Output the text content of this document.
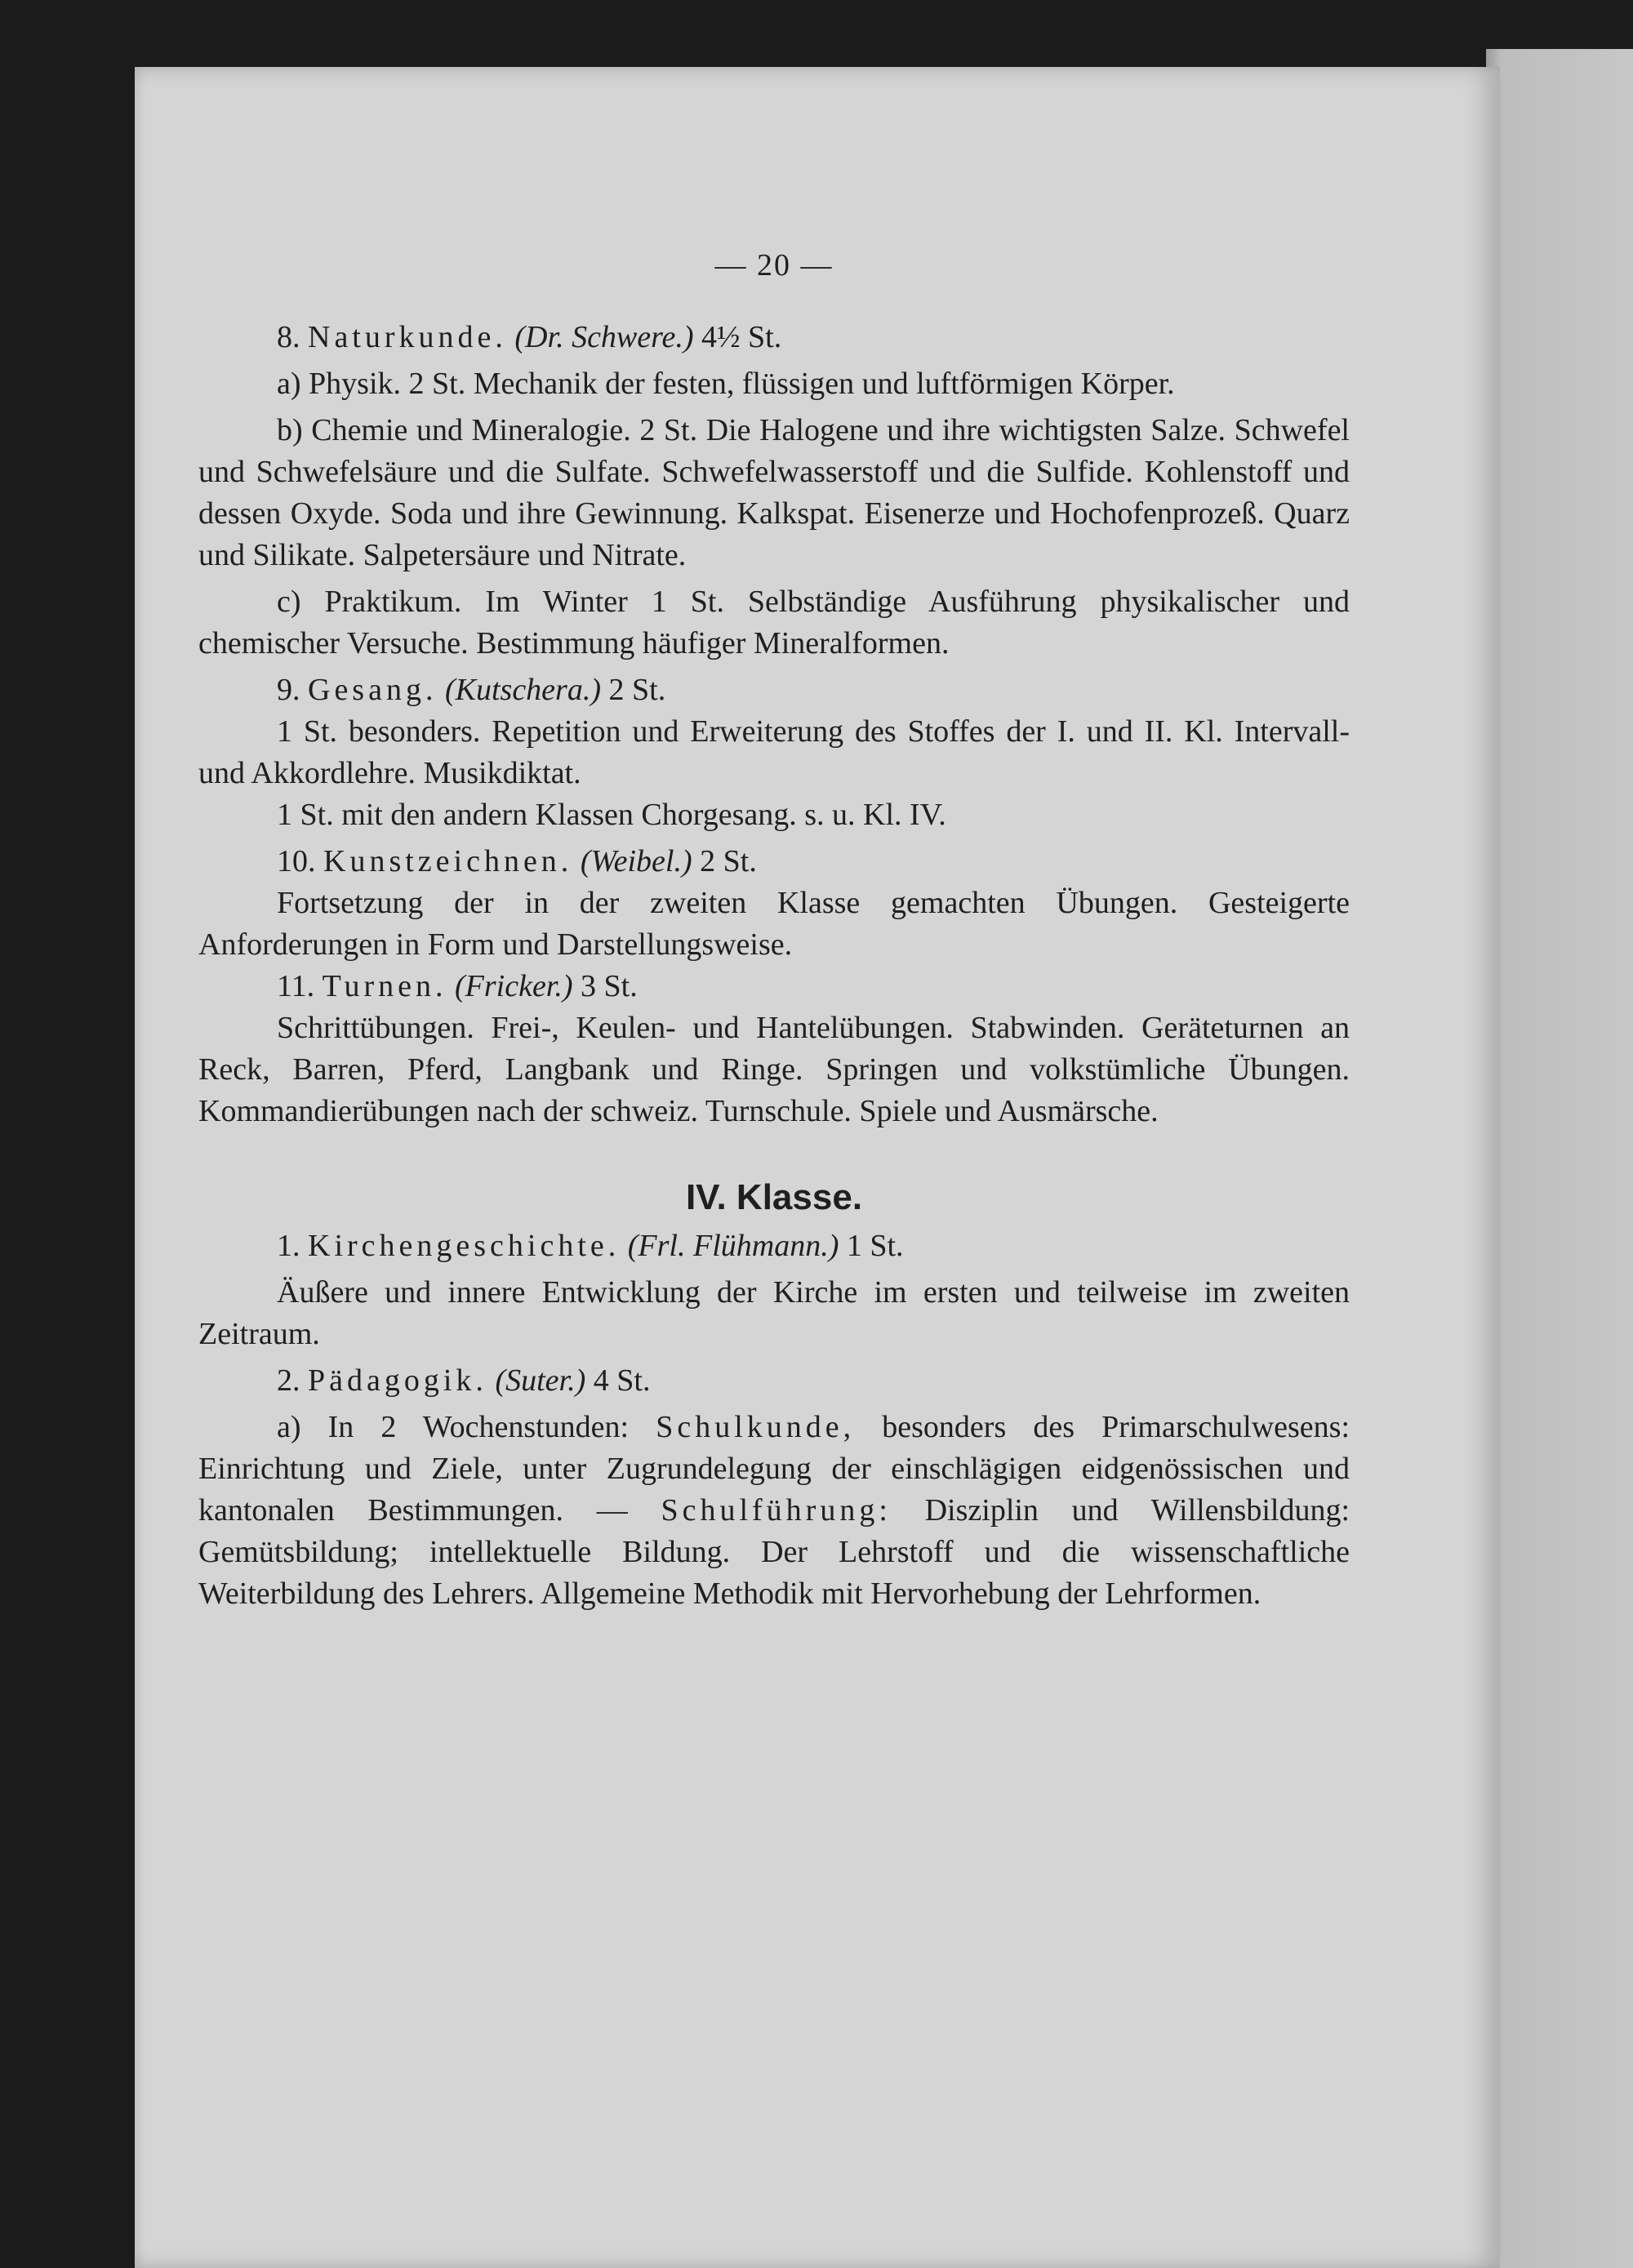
— 20 —

8. Naturkunde. (Dr. Schwere.) 4½ St.

a) Physik. 2 St. Mechanik der festen, flüssigen und luftförmigen Körper.

b) Chemie und Mineralogie. 2 St. Die Halogene und ihre wichtigsten Salze. Schwefel und Schwefelsäure und die Sulfate. Schwefelwasserstoff und die Sulfide. Kohlenstoff und dessen Oxyde. Soda und ihre Gewinnung. Kalkspat. Eisenerze und Hochofenprozeß. Quarz und Silikate. Salpetersäure und Nitrate.

c) Praktikum. Im Winter 1 St. Selbständige Ausführung physikalischer und chemischer Versuche. Bestimmung häufiger Mineralformen.

9. Gesang. (Kutschera.) 2 St.

1 St. besonders. Repetition und Erweiterung des Stoffes der I. und II. Kl. Intervall- und Akkordlehre. Musikdiktat.

1 St. mit den andern Klassen Chorgesang. s. u. Kl. IV.

10. Kunstzeichnen. (Weibel.) 2 St.

Fortsetzung der in der zweiten Klasse gemachten Übungen. Gesteigerte Anforderungen in Form und Darstellungsweise.

11. Turnen. (Fricker.) 3 St.

Schrittübungen. Frei-, Keulen- und Hantelübungen. Stabwinden. Geräteturnen an Reck, Barren, Pferd, Langbank und Ringe. Springen und volkstümliche Übungen. Kommandierübungen nach der schweiz. Turnschule. Spiele und Ausmärsche.

IV. Klasse.

1. Kirchengeschichte. (Frl. Flühmann.) 1 St.

Äußere und innere Entwicklung der Kirche im ersten und teilweise im zweiten Zeitraum.

2. Pädagogik. (Suter.) 4 St.

a) In 2 Wochenstunden: Schulkunde, besonders des Primarschulwesens: Einrichtung und Ziele, unter Zugrundelegung der einschlägigen eidgenössischen und kantonalen Bestimmungen. — Schulführung: Disziplin und Willensbildung: Gemütsbildung; intellektuelle Bildung. Der Lehrstoff und die wissenschaftliche Weiterbildung des Lehrers. Allgemeine Methodik mit Hervorhebung der Lehrformen.
